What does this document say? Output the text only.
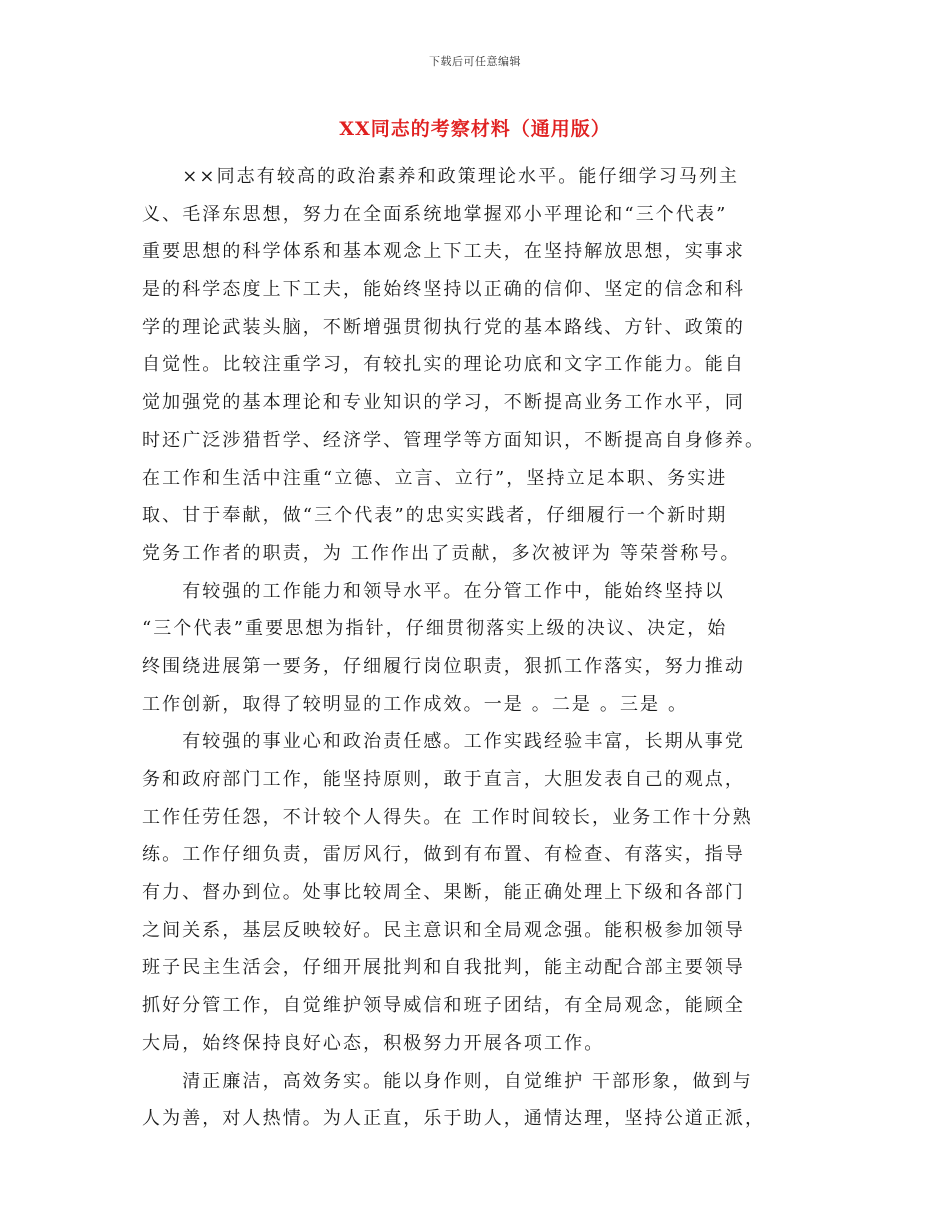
下载后可任意编辑
XX同志的考察材料（通用版）
　　××同志有较高的政治素养和政策理论水平。能仔细学习马列主
义、毛泽东思想，努力在全面系统地掌握邓小平理论和“三个代表”
重要思想的科学体系和基本观念上下工夫，在坚持解放思想，实事求
是的科学态度上下工夫，能始终坚持以正确的信仰、坚定的信念和科
学的理论武装头脑，不断增强贯彻执行党的基本路线、方针、政策的
自觉性。比较注重学习，有较扎实的理论功底和文字工作能力。能自
觉加强党的基本理论和专业知识的学习，不断提高业务工作水平，同
时还广泛涉猎哲学、经济学、管理学等方面知识，不断提高自身修养。
在工作和生活中注重“立德、立言、立行”，坚持立足本职、务实进
取、甘于奉献，做“三个代表”的忠实实践者，仔细履行一个新时期
党务工作者的职责，为 工作作出了贡献，多次被评为 等荣誉称号。
　　有较强的工作能力和领导水平。在分管工作中，能始终坚持以
“三个代表”重要思想为指针，仔细贯彻落实上级的决议、决定，始
终围绕进展第一要务，仔细履行岗位职责，狠抓工作落实，努力推动
工作创新，取得了较明显的工作成效。一是 。二是 。三是 。
　　有较强的事业心和政治责任感。工作实践经验丰富，长期从事党
务和政府部门工作，能坚持原则，敢于直言，大胆发表自己的观点，
工作任劳任怨，不计较个人得失。在 工作时间较长，业务工作十分熟
练。工作仔细负责，雷厉风行，做到有布置、有检查、有落实，指导
有力、督办到位。处事比较周全、果断，能正确处理上下级和各部门
之间关系，基层反映较好。民主意识和全局观念强。能积极参加领导
班子民主生活会，仔细开展批判和自我批判，能主动配合部主要领导
抓好分管工作，自觉维护领导威信和班子团结，有全局观念，能顾全
大局，始终保持良好心态，积极努力开展各项工作。
　　清正廉洁，高效务实。能以身作则，自觉维护 干部形象，做到与
人为善，对人热情。为人正直，乐于助人，通情达理，坚持公道正派，
